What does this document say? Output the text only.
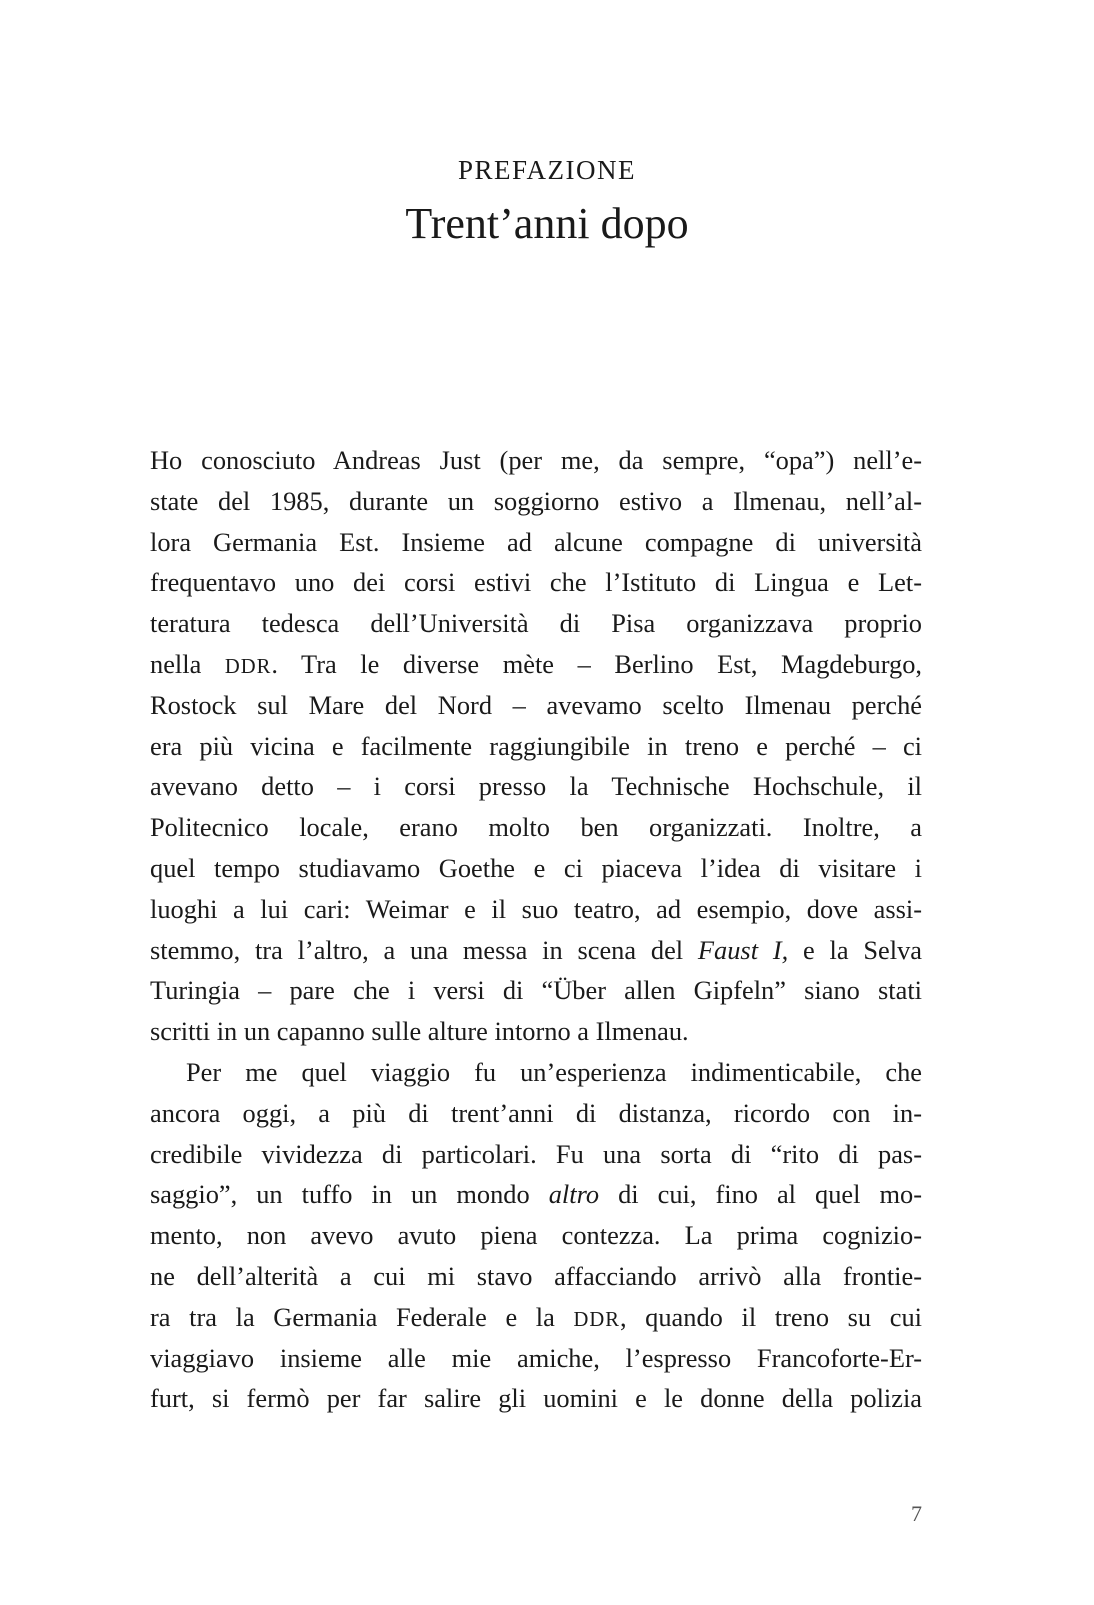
PREFAZIONE
Trent’anni dopo
Ho conosciuto Andreas Just (per me, da sempre, “opa”) nell’e-
state del 1985, durante un soggiorno estivo a Ilmenau, nell’al-
lora Germania Est. Insieme ad alcune compagne di università
frequentavo uno dei corsi estivi che l’Istituto di Lingua e Let-
teratura tedesca dell’Università di Pisa organizzava proprio
nella DDR. Tra le diverse mète – Berlino Est, Magdeburgo,
Rostock sul Mare del Nord – avevamo scelto Ilmenau perché
era più vicina e facilmente raggiungibile in treno e perché – ci
avevano detto – i corsi presso la Technische Hochschule, il
Politecnico locale, erano molto ben organizzati. Inoltre, a
quel tempo studiavamo Goethe e ci piaceva l’idea di visitare i
luoghi a lui cari: Weimar e il suo teatro, ad esempio, dove assi-
stemmo, tra l’altro, a una messa in scena del Faust I, e la Selva
Turingia – pare che i versi di “Über allen Gipfeln” siano stati
scritti in un capanno sulle alture intorno a Ilmenau.
Per me quel viaggio fu un’esperienza indimenticabile, che
ancora oggi, a più di trent’anni di distanza, ricordo con in-
credibile vividezza di particolari. Fu una sorta di “rito di pas-
saggio”, un tuffo in un mondo altro di cui, fino al quel mo-
mento, non avevo avuto piena contezza. La prima cognizio-
ne dell’alterità a cui mi stavo affacciando arrivò alla frontie-
ra tra la Germania Federale e la DDR, quando il treno su cui
viaggiavo insieme alle mie amiche, l’espresso Francoforte-Er-
furt, si fermò per far salire gli uomini e le donne della polizia
7
